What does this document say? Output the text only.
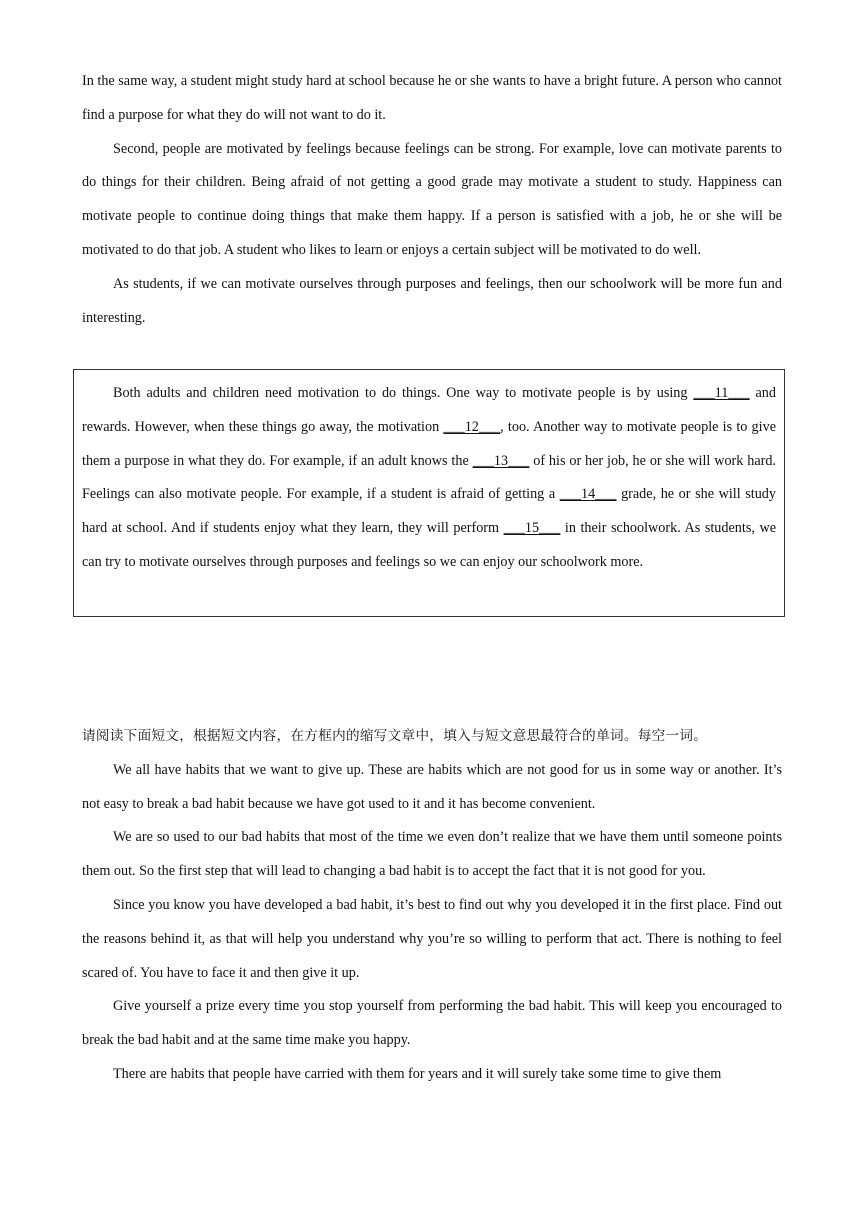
In the same way, a student might study hard at school because he or she wants to have a bright future. A person who cannot find a purpose for what they do will not want to do it.

Second, people are motivated by feelings because feelings can be strong. For example, love can motivate parents to do things for their children. Being afraid of not getting a good grade may motivate a student to study. Happiness can motivate people to continue doing things that make them happy. If a person is satisfied with a job, he or she will be motivated to do that job. A student who likes to learn or enjoys a certain subject will be motivated to do well.

As students, if we can motivate ourselves through purposes and feelings, then our schoolwork will be more fun and interesting.

Both adults and children need motivation to do things. One way to motivate people is by using ___11___ and rewards. However, when these things go away, the motivation ___12___, too. Another way to motivate people is to give them a purpose in what they do. For example, if an adult knows the ___13___ of his or her job, he or she will work hard. Feelings can also motivate people. For example, if a student is afraid of getting a ___14___ grade, he or she will study hard at school. And if students enjoy what they learn, they will perform ___15___ in their schoolwork. As students, we can try to motivate ourselves through purposes and feelings so we can enjoy our schoolwork more.

请阅读下面短文，根据短文内容，在方框内的缩写文章中，填入与短文意思最符合的单词。每空一词。

We all have habits that we want to give up. These are habits which are not good for us in some way or another. It’s not easy to break a bad habit because we have got used to it and it has become convenient.

We are so used to our bad habits that most of the time we even don’t realize that we have them until someone points them out. So the first step that will lead to changing a bad habit is to accept the fact that it is not good for you.

Since you know you have developed a bad habit, it’s best to find out why you developed it in the first place. Find out the reasons behind it, as that will help you understand why you’re so willing to perform that act. There is nothing to feel scared of. You have to face it and then give it up.

Give yourself a prize every time you stop yourself from performing the bad habit. This will keep you encouraged to break the bad habit and at the same time make you happy.

There are habits that people have carried with them for years and it will surely take some time to give them
